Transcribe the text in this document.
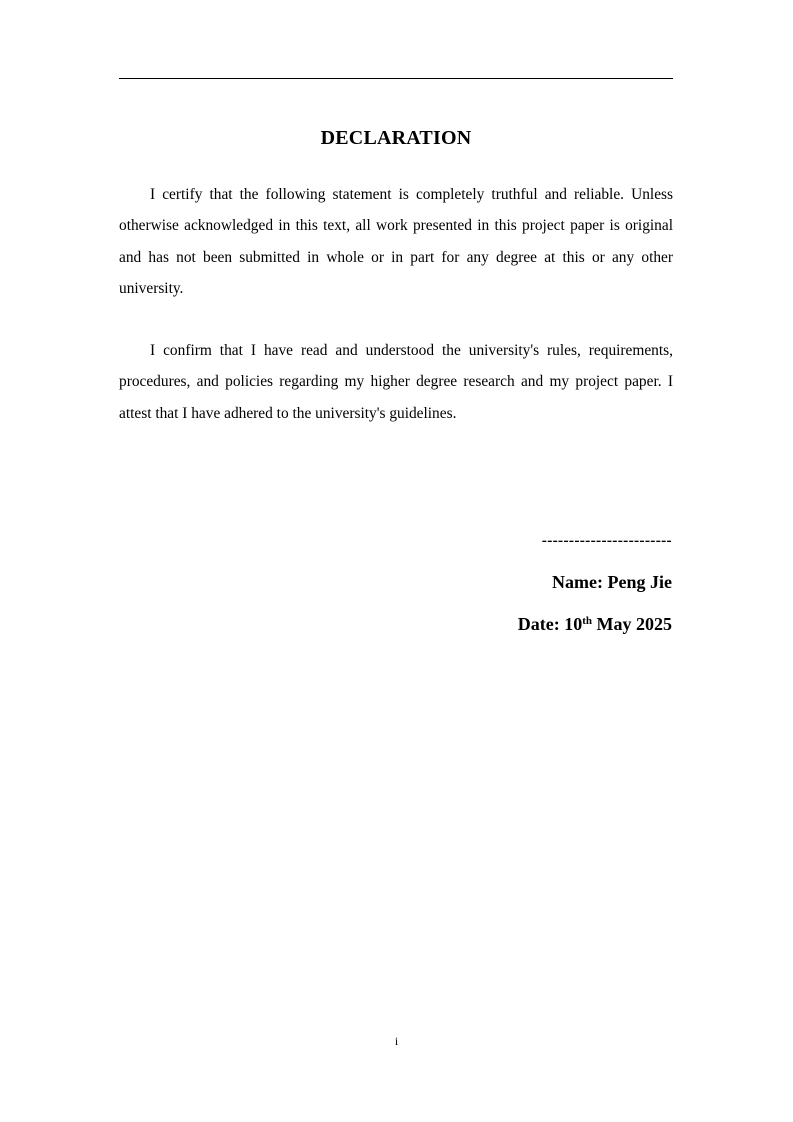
DECLARATION

I certify that the following statement is completely truthful and reliable. Unless otherwise acknowledged in this text, all work presented in this project paper is original and has not been submitted in whole or in part for any degree at this or any other university.

I confirm that I have read and understood the university's rules, requirements, procedures, and policies regarding my higher degree research and my project paper. I attest that I have adhered to the university's guidelines.

------------------------

Name: Peng Jie

Date: 10th May 2025

i
